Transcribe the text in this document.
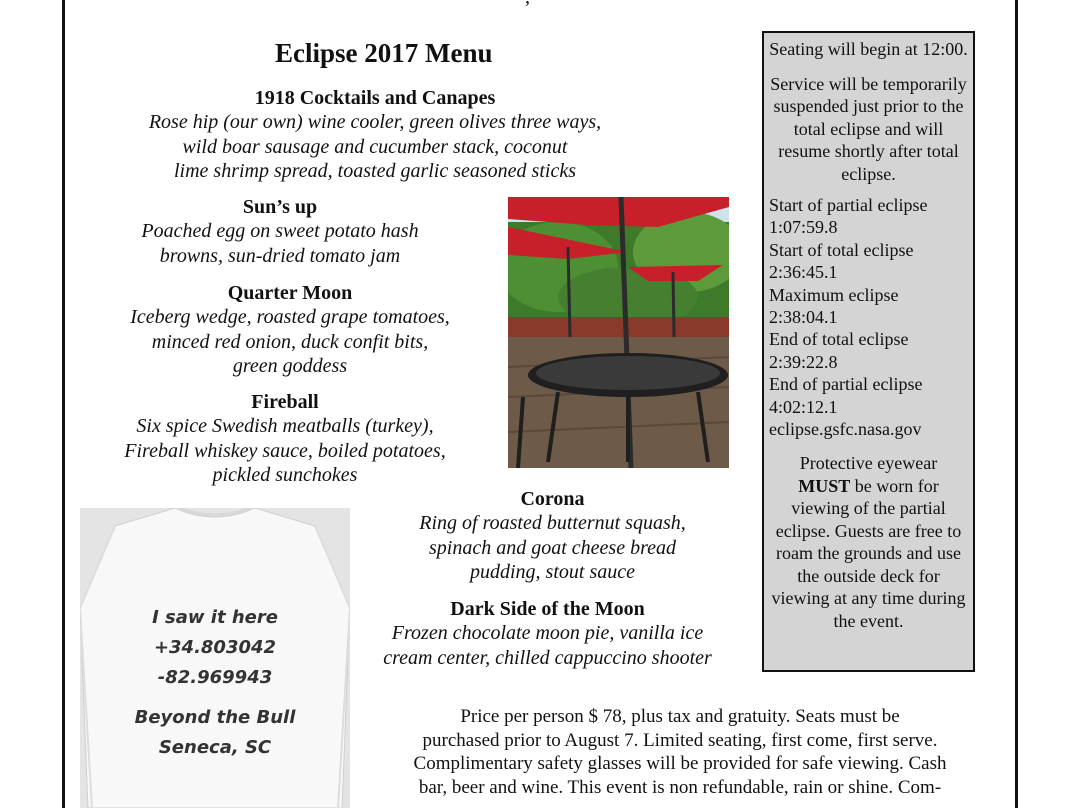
Eclipse 2017 Menu
1918 Cocktails and Canapes
Rose hip (our own) wine cooler, green olives three ways,
wild boar sausage and cucumber stack, coconut
lime shrimp spread, toasted garlic seasoned sticks
Sun’s up
Poached egg on sweet potato hash
browns, sun-dried tomato jam
Quarter Moon
Iceberg wedge, roasted grape tomatoes,
minced red onion, duck confit bits,
green goddess
Fireball
Six spice Swedish meatballs (turkey),
Fireball whiskey sauce, boiled potatoes,
pickled sunchokes
Corona
Ring of roasted butternut squash,
spinach and goat cheese bread
pudding, stout sauce
Dark Side of the Moon
Frozen chocolate moon pie, vanilla ice
cream center, chilled cappuccino shooter
I saw it here
+34.803042
-82.969943
Beyond the Bull
Seneca, SC
Seating will begin at 12:00.
Service will be temporarily suspended just prior to the total eclipse and will resume shortly after total eclipse.
Start of partial eclipse
1:07:59.8
Start of total eclipse
2:36:45.1
Maximum eclipse
2:38:04.1
End of total eclipse
2:39:22.8
End of partial eclipse
4:02:12.1
eclipse.gsfc.nasa.gov
Protective eyewear
MUST be worn for viewing of the partial eclipse. Guests are free to roam the grounds and use the outside deck for viewing at any time during the event.
Price per person $ 78, plus tax and gratuity. Seats must be
purchased prior to August 7. Limited seating, first come, first serve.
Complimentary safety glasses will be provided for safe viewing. Cash
bar, beer and wine. This event is non refundable, rain or shine. Com-
